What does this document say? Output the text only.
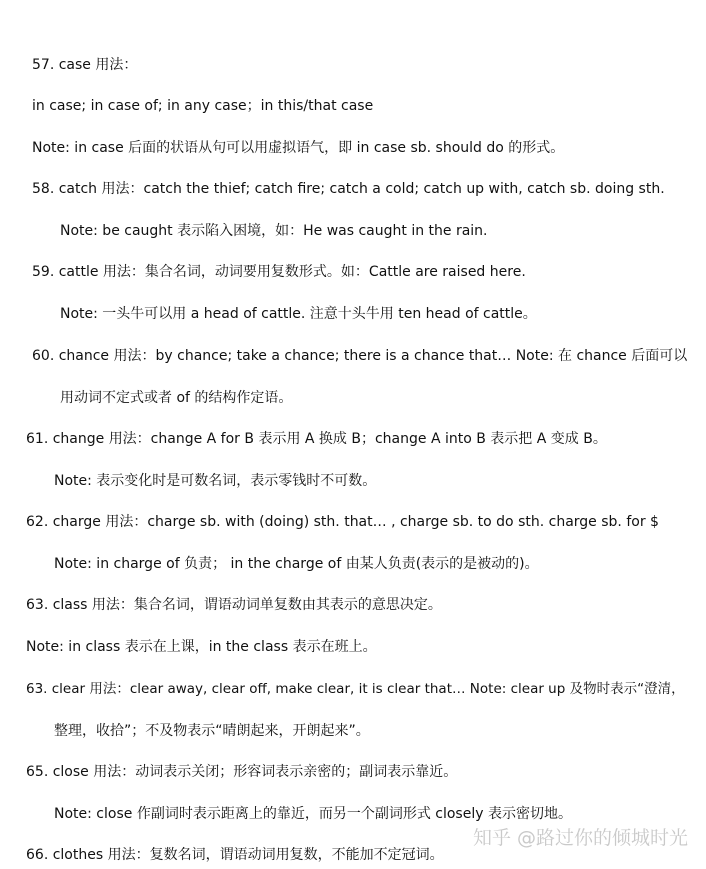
57. case 用法：
in case; in case of; in any case；in this/that case
Note: in case 后面的状语从句可以用虚拟语气，即 in case sb. should do 的形式。
58. catch 用法：catch the thief; catch fire; catch a cold; catch up with, catch sb. doing sth.
Note: be caught 表示陷入困境，如：He was caught in the rain.
59. cattle 用法：集合名词，动词要用复数形式。如：Cattle are raised here.
Note: 一头牛可以用 a head of cattle. 注意十头牛用 ten head of cattle。
60. chance 用法：by chance; take a chance; there is a chance that… Note: 在 chance 后面可以
用动词不定式或者 of 的结构作定语。
61. change 用法：change A for B 表示用 A 换成 B；change A into B 表示把 A 变成 B。
Note: 表示变化时是可数名词，表示零钱时不可数。
62. charge 用法：charge sb. with (doing) sth. that… , charge sb. to do sth. charge sb. for $
Note: in charge of 负责； in the charge of 由某人负责(表示的是被动的)。
63. class 用法：集合名词，谓语动词单复数由其表示的意思决定。
Note: in class 表示在上课，in the class 表示在班上。
63. clear 用法：clear away, clear off, make clear, it is clear that… Note: clear up 及物时表示“澄清，
整理，收拾”；不及物表示“晴朗起来，开朗起来”。
65. close 用法：动词表示关闭；形容词表示亲密的；副词表示靠近。
Note: close 作副词时表示距离上的靠近，而另一个副词形式 closely 表示密切地。
66. clothes 用法：复数名词，谓语动词用复数，不能加不定冠词。
知乎 @路过你的倾城时光
